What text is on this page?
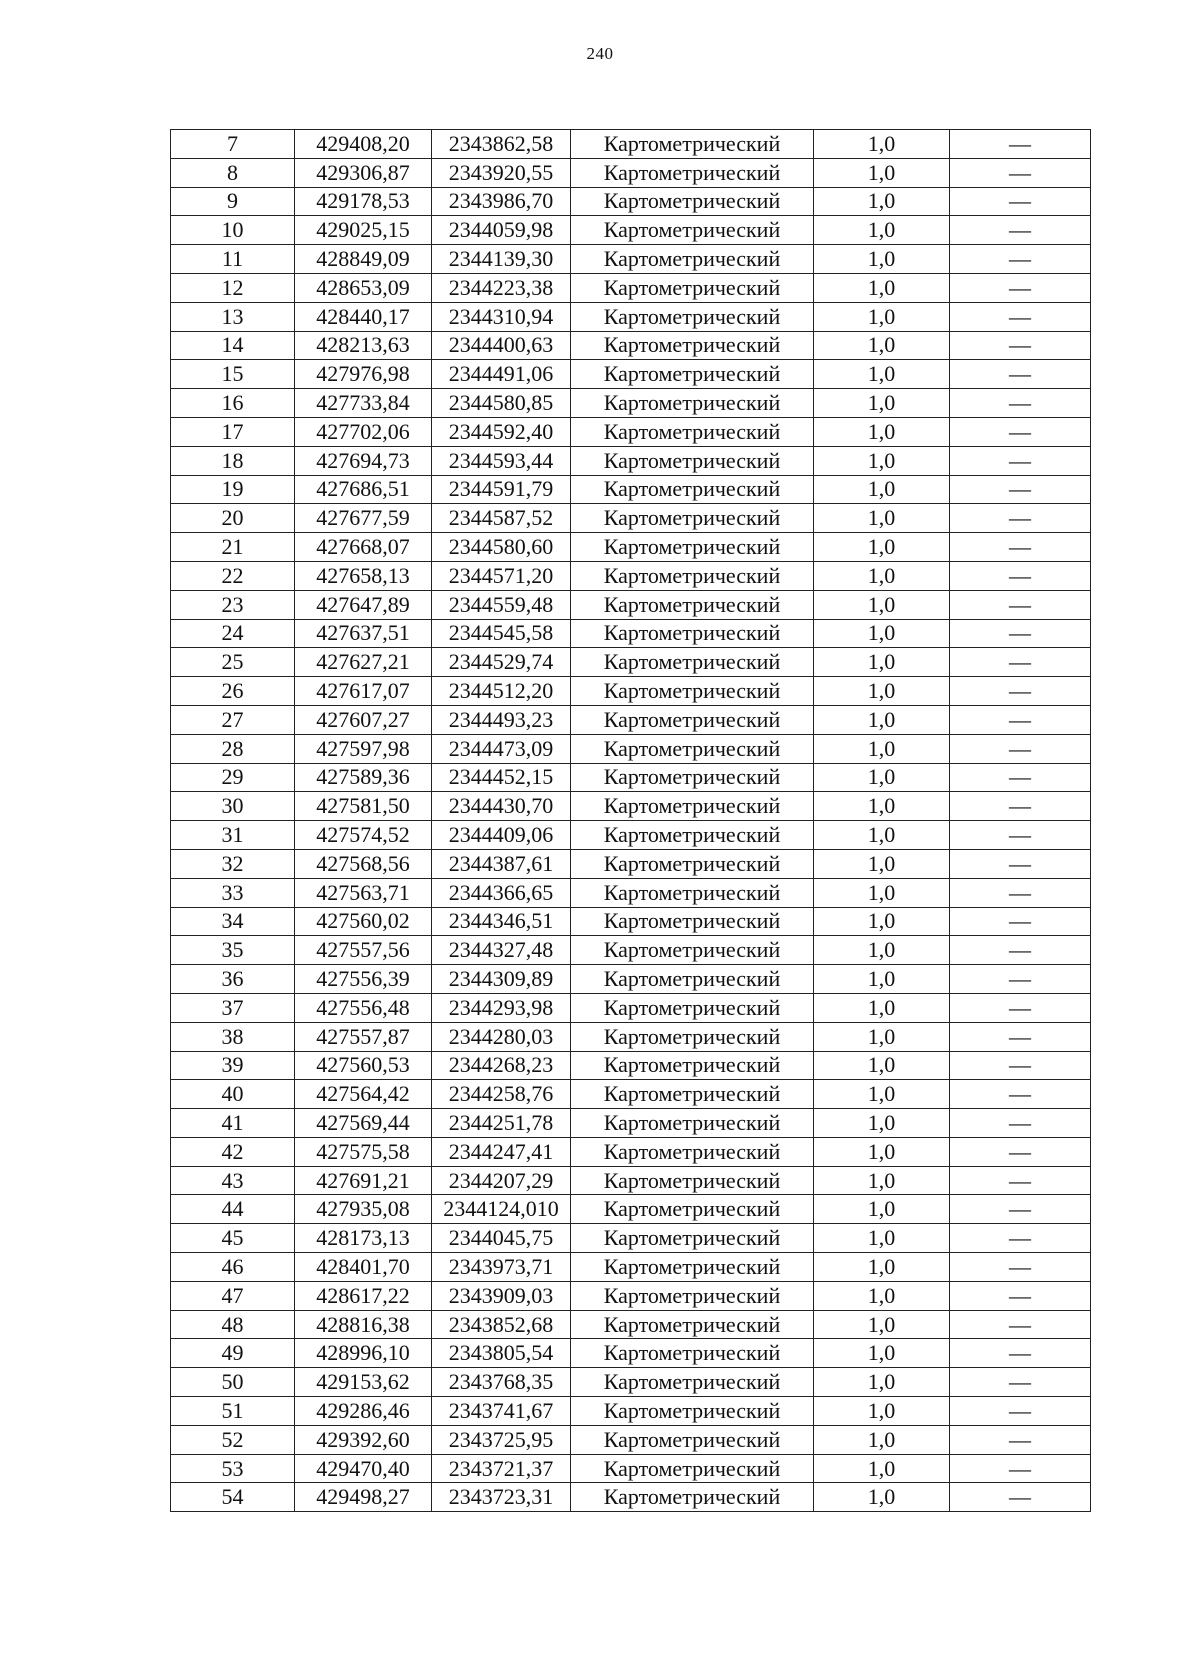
240
7	429408,20	2343862,58	Картометрический	1,0	—
8	429306,87	2343920,55	Картометрический	1,0	—
9	429178,53	2343986,70	Картометрический	1,0	—
10	429025,15	2344059,98	Картометрический	1,0	—
11	428849,09	2344139,30	Картометрический	1,0	—
12	428653,09	2344223,38	Картометрический	1,0	—
13	428440,17	2344310,94	Картометрический	1,0	—
14	428213,63	2344400,63	Картометрический	1,0	—
15	427976,98	2344491,06	Картометрический	1,0	—
16	427733,84	2344580,85	Картометрический	1,0	—
17	427702,06	2344592,40	Картометрический	1,0	—
18	427694,73	2344593,44	Картометрический	1,0	—
19	427686,51	2344591,79	Картометрический	1,0	—
20	427677,59	2344587,52	Картометрический	1,0	—
21	427668,07	2344580,60	Картометрический	1,0	—
22	427658,13	2344571,20	Картометрический	1,0	—
23	427647,89	2344559,48	Картометрический	1,0	—
24	427637,51	2344545,58	Картометрический	1,0	—
25	427627,21	2344529,74	Картометрический	1,0	—
26	427617,07	2344512,20	Картометрический	1,0	—
27	427607,27	2344493,23	Картометрический	1,0	—
28	427597,98	2344473,09	Картометрический	1,0	—
29	427589,36	2344452,15	Картометрический	1,0	—
30	427581,50	2344430,70	Картометрический	1,0	—
31	427574,52	2344409,06	Картометрический	1,0	—
32	427568,56	2344387,61	Картометрический	1,0	—
33	427563,71	2344366,65	Картометрический	1,0	—
34	427560,02	2344346,51	Картометрический	1,0	—
35	427557,56	2344327,48	Картометрический	1,0	—
36	427556,39	2344309,89	Картометрический	1,0	—
37	427556,48	2344293,98	Картометрический	1,0	—
38	427557,87	2344280,03	Картометрический	1,0	—
39	427560,53	2344268,23	Картометрический	1,0	—
40	427564,42	2344258,76	Картометрический	1,0	—
41	427569,44	2344251,78	Картометрический	1,0	—
42	427575,58	2344247,41	Картометрический	1,0	—
43	427691,21	2344207,29	Картометрический	1,0	—
44	427935,08	2344124,010	Картометрический	1,0	—
45	428173,13	2344045,75	Картометрический	1,0	—
46	428401,70	2343973,71	Картометрический	1,0	—
47	428617,22	2343909,03	Картометрический	1,0	—
48	428816,38	2343852,68	Картометрический	1,0	—
49	428996,10	2343805,54	Картометрический	1,0	—
50	429153,62	2343768,35	Картометрический	1,0	—
51	429286,46	2343741,67	Картометрический	1,0	—
52	429392,60	2343725,95	Картометрический	1,0	—
53	429470,40	2343721,37	Картометрический	1,0	—
54	429498,27	2343723,31	Картометрический	1,0	—
